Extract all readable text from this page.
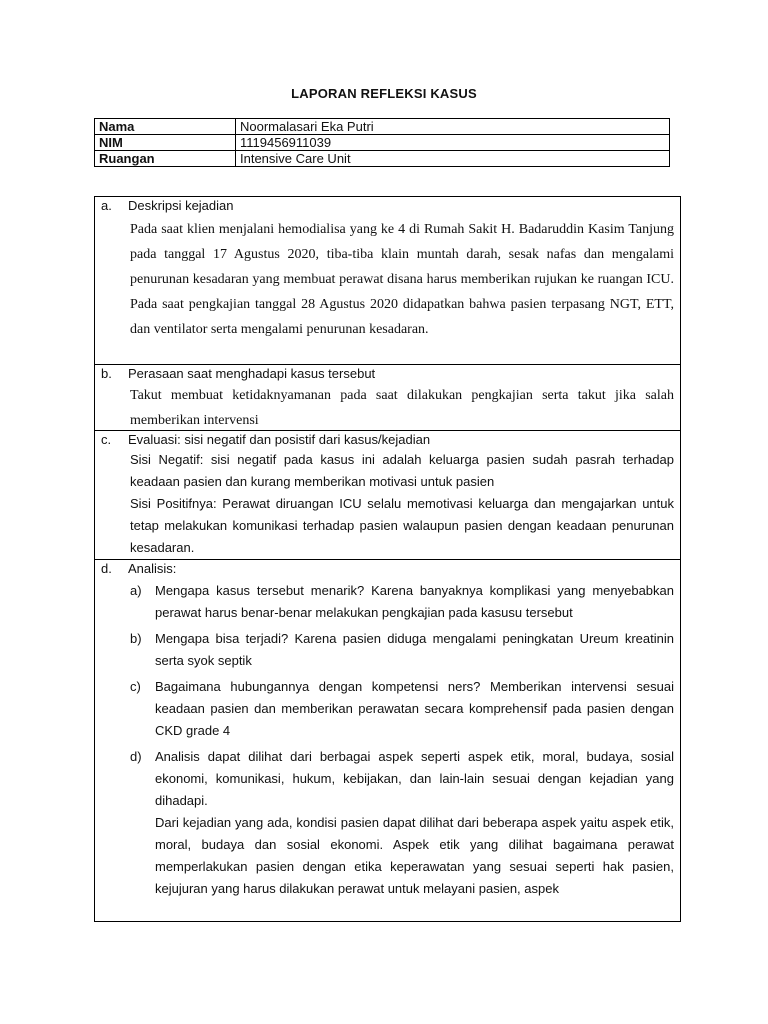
LAPORAN REFLEKSI KASUS
Nama	Noormalasari Eka Putri
NIM	1119456911039
Ruangan	Intensive Care Unit
a. Deskripsi kejadian
Pada saat klien menjalani hemodialisa yang ke 4 di Rumah Sakit H. Badaruddin Kasim Tanjung pada tanggal 17 Agustus 2020, tiba-tiba klain muntah darah, sesak nafas dan mengalami penurunan kesadaran yang membuat perawat disana harus memberikan rujukan ke ruangan ICU. Pada saat pengkajian tanggal 28 Agustus 2020 didapatkan bahwa pasien terpasang NGT, ETT, dan ventilator serta mengalami penurunan kesadaran.
b. Perasaan saat menghadapi kasus tersebut
Takut membuat ketidaknyamanan pada saat dilakukan pengkajian serta takut jika salah memberikan intervensi
c. Evaluasi: sisi negatif dan posistif dari kasus/kejadian

Sisi Negatif: sisi negatif pada kasus ini adalah keluarga pasien sudah pasrah terhadap keadaan pasien dan kurang memberikan motivasi untuk pasien

Sisi Positifnya: Perawat diruangan ICU selalu memotivasi keluarga dan mengajarkan untuk tetap melakukan komunikasi terhadap pasien walaupun pasien dengan keadaan penurunan kesadaran.

d. Analisis:
a) Mengapa kasus tersebut menarik? Karena banyaknya komplikasi yang menyebabkan perawat harus benar-benar melakukan pengkajian pada kasusu tersebut

b) Mengapa bisa terjadi? Karena pasien diduga mengalami peningkatan Ureum kreatinin serta syok septik

c) Bagaimana hubungannya dengan kompetensi ners? Memberikan intervensi sesuai keadaan pasien dan memberikan perawatan secara komprehensif pada pasien dengan CKD grade 4

d) Analisis dapat dilihat dari berbagai aspek seperti aspek etik, moral, budaya, sosial ekonomi, komunikasi, hukum, kebijakan, dan lain-lain sesuai dengan kejadian yang dihadapi.

Dari kejadian yang ada, kondisi pasien dapat dilihat dari beberapa aspek yaitu aspek etik, moral, budaya dan sosial ekonomi. Aspek etik yang dilihat bagaimana perawat memperlakukan pasien dengan etika keperawatan yang sesuai seperti hak pasien, kejujuran yang harus dilakukan perawat untuk melayani pasien, aspek
